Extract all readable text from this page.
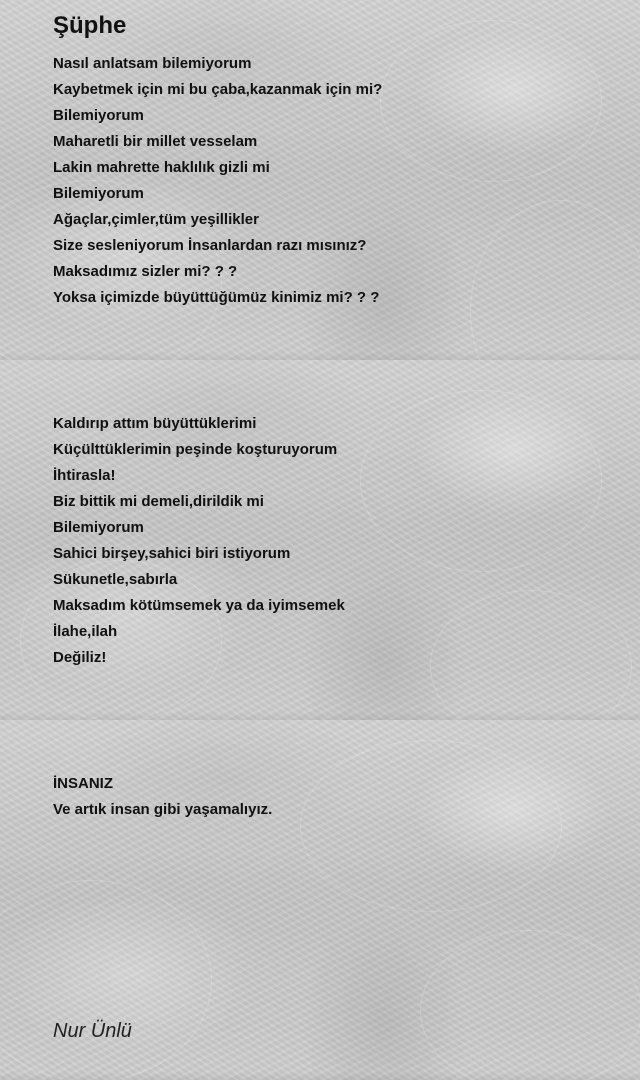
Şüphe
Nasıl anlatsam bilemiyorum
Kaybetmek için mi bu çaba,kazanmak için mi?
Bilemiyorum
Maharetli bir millet vesselam
Lakin mahrette haklılık gizli mi
Bilemiyorum
Ağaçlar,çimler,tüm yeşillikler
Size sesleniyorum İnsanlardan razı mısınız?
Maksadımız sizler mi? ? ?
Yoksa içimizde büyüttüğümüz kinimiz mi? ? ?
Kaldırıp attım büyüttüklerimi
Küçülttüklerimin peşinde koşturuyorum
İhtirasla!
Biz bittik mi demeli,dirildik mi
Bilemiyorum
Sahici birşey,sahici biri istiyorum
Sükunetle,sabırla
Maksadım kötümsemek ya da iyimsemek
İlahe,ilah
Değiliz!
İNSANIZ
Ve artık insan gibi yaşamalıyız.
Nur Ünlü
